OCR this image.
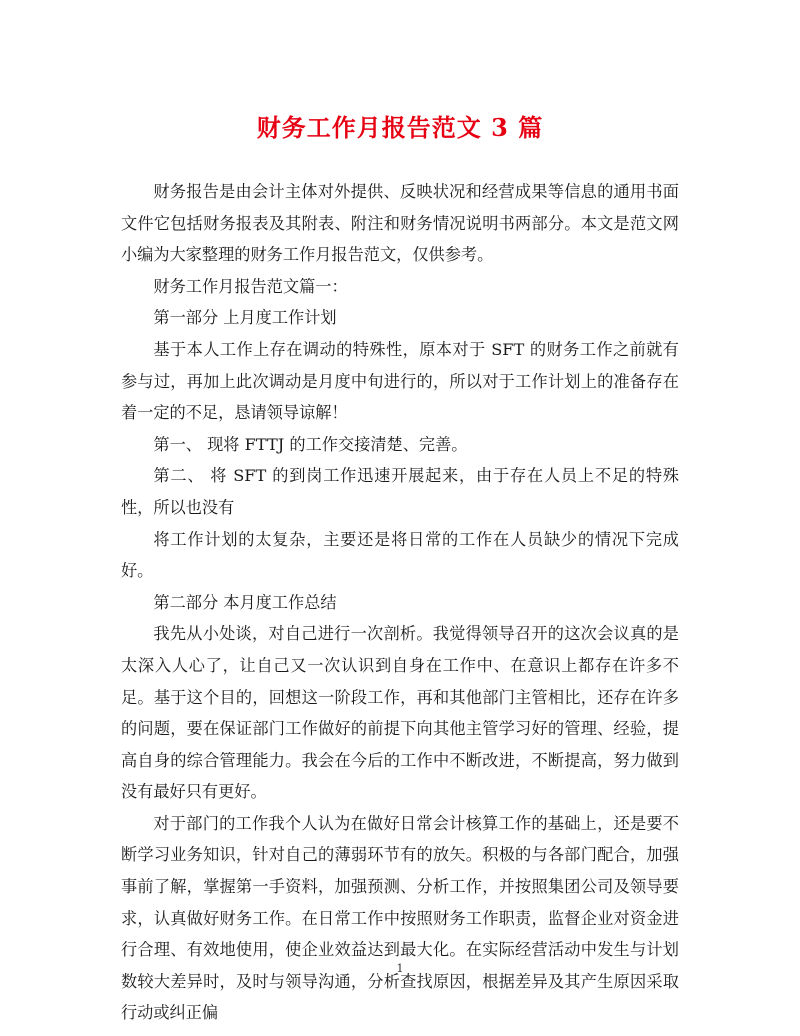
财务工作月报告范文 3 篇

财务报告是由会计主体对外提供、反映状况和经营成果等信息的通用书面文件它包括财务报表及其附表、附注和财务情况说明书两部分。本文是范文网小编为大家整理的财务工作月报告范文，仅供参考。

财务工作月报告范文篇一：

第一部分 上月度工作计划

基于本人工作上存在调动的特殊性，原本对于 SFT 的财务工作之前就有参与过，再加上此次调动是月度中旬进行的，所以对于工作计划上的准备存在着一定的不足，恳请领导谅解！

第一、 现将 FTTJ 的工作交接清楚、完善。

第二、 将 SFT 的到岗工作迅速开展起来，由于存在人员上不足的特殊性，所以也没有

将工作计划的太复杂，主要还是将日常的工作在人员缺少的情况下完成好。

第二部分 本月度工作总结

我先从小处谈，对自己进行一次剖析。我觉得领导召开的这次会议真的是太深入人心了，让自己又一次认识到自身在工作中、在意识上都存在许多不足。基于这个目的，回想这一阶段工作，再和其他部门主管相比，还存在许多的问题，要在保证部门工作做好的前提下向其他主管学习好的管理、经验，提高自身的综合管理能力。我会在今后的工作中不断改进，不断提高，努力做到没有最好只有更好。

对于部门的工作我个人认为在做好日常会计核算工作的基础上，还是要不断学习业务知识，针对自己的薄弱环节有的放矢。积极的与各部门配合，加强事前了解，掌握第一手资料，加强预测、分析工作，并按照集团公司及领导要求，认真做好财务工作。在日常工作中按照财务工作职责，监督企业对资金进行合理、有效地使用，使企业效益达到最大化。在实际经营活动中发生与计划数较大差异时，及时与领导沟通，分析查找原因，根据差异及其产生原因采取行动或纠正偏

1
